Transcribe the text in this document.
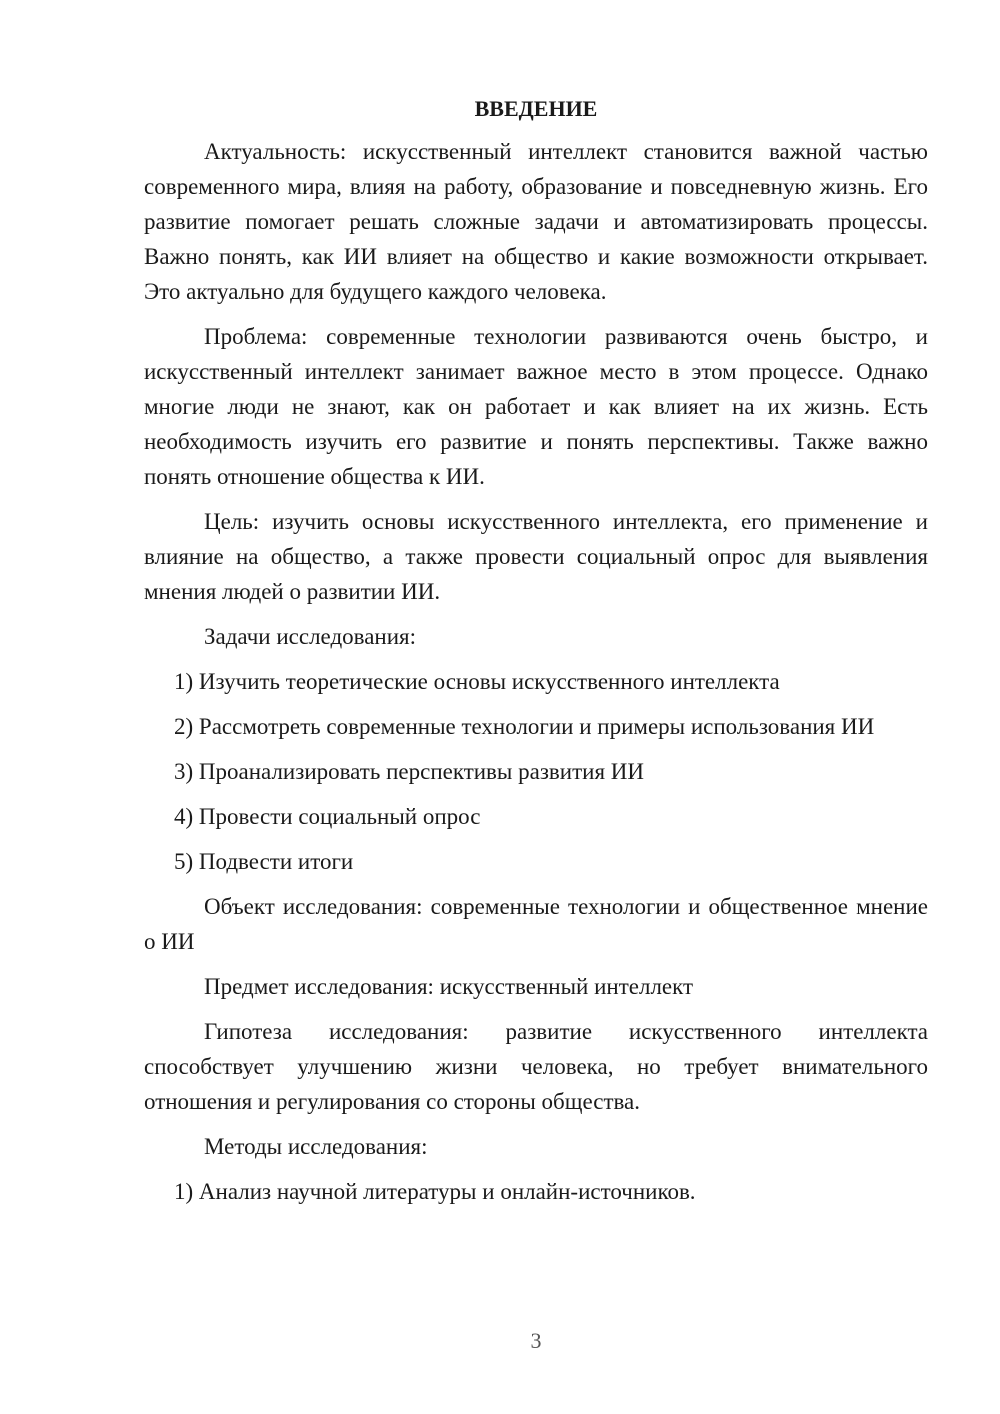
ВВЕДЕНИЕ

Актуальность: искусственный интеллект становится важной частью современного мира, влияя на работу, образование и повседневную жизнь. Его развитие помогает решать сложные задачи и автоматизировать процессы. Важно понять, как ИИ влияет на общество и какие возможности открывает. Это актуально для будущего каждого человека.

Проблема: современные технологии развиваются очень быстро, и искусственный интеллект занимает важное место в этом процессе. Однако многие люди не знают, как он работает и как влияет на их жизнь. Есть необходимость изучить его развитие и понять перспективы. Также важно понять отношение общества к ИИ.

Цель: изучить основы искусственного интеллекта, его применение и влияние на общество, а также провести социальный опрос для выявления мнения людей о развитии ИИ.

Задачи исследования:

1) Изучить теоретические основы искусственного интеллекта

2) Рассмотреть современные технологии и примеры использования ИИ

3) Проанализировать перспективы развития ИИ

4) Провести социальный опрос

5) Подвести итоги

Объект исследования: современные технологии и общественное мнение о ИИ

Предмет исследования: искусственный интеллект

Гипотеза исследования: развитие искусственного интеллекта способствует улучшению жизни человека, но требует внимательного отношения и регулирования со стороны общества.

Методы исследования:

1) Анализ научной литературы и онлайн-источников.

3
